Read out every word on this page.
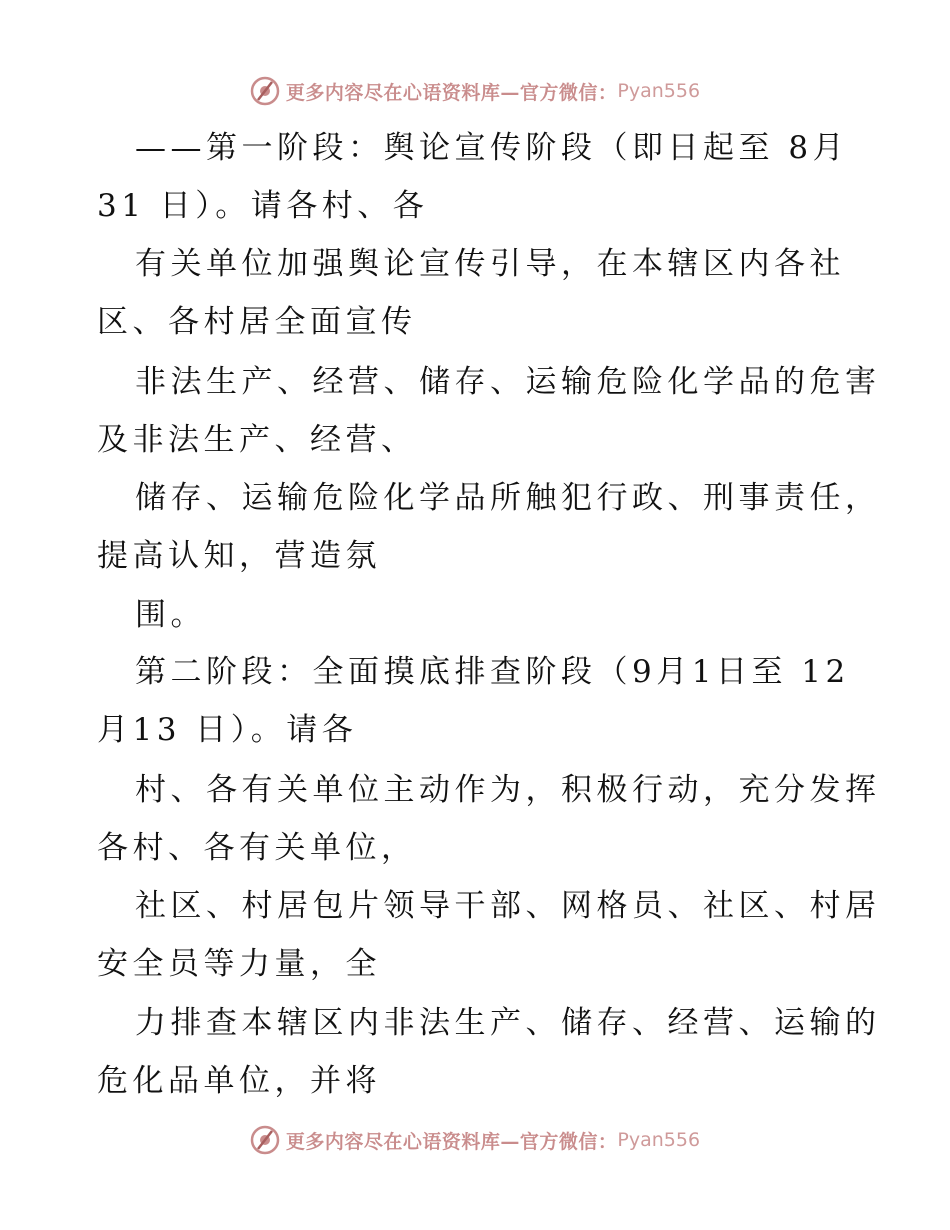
更多内容尽在心语资料库—官方微信： Pyan556
——第一阶段：舆论宣传阶段（即日起至 8月
31 日）。请各村、各
有关单位加强舆论宣传引导，在本辖区内各社
区、各村居全面宣传
非法生产、经营、储存、运输危险化学品的危害
及非法生产、经营、
储存、运输危险化学品所触犯行政、刑事责任，
提高认知，营造氛
围。
第二阶段：全面摸底排查阶段（9月1日至 12
月13 日）。请各
村、各有关单位主动作为，积极行动，充分发挥
各村、各有关单位，
社区、村居包片领导干部、网格员、社区、村居
安全员等力量，全
力排查本辖区内非法生产、储存、经营、运输的
危化品单位，并将
更多内容尽在心语资料库—官方微信： Pyan556
